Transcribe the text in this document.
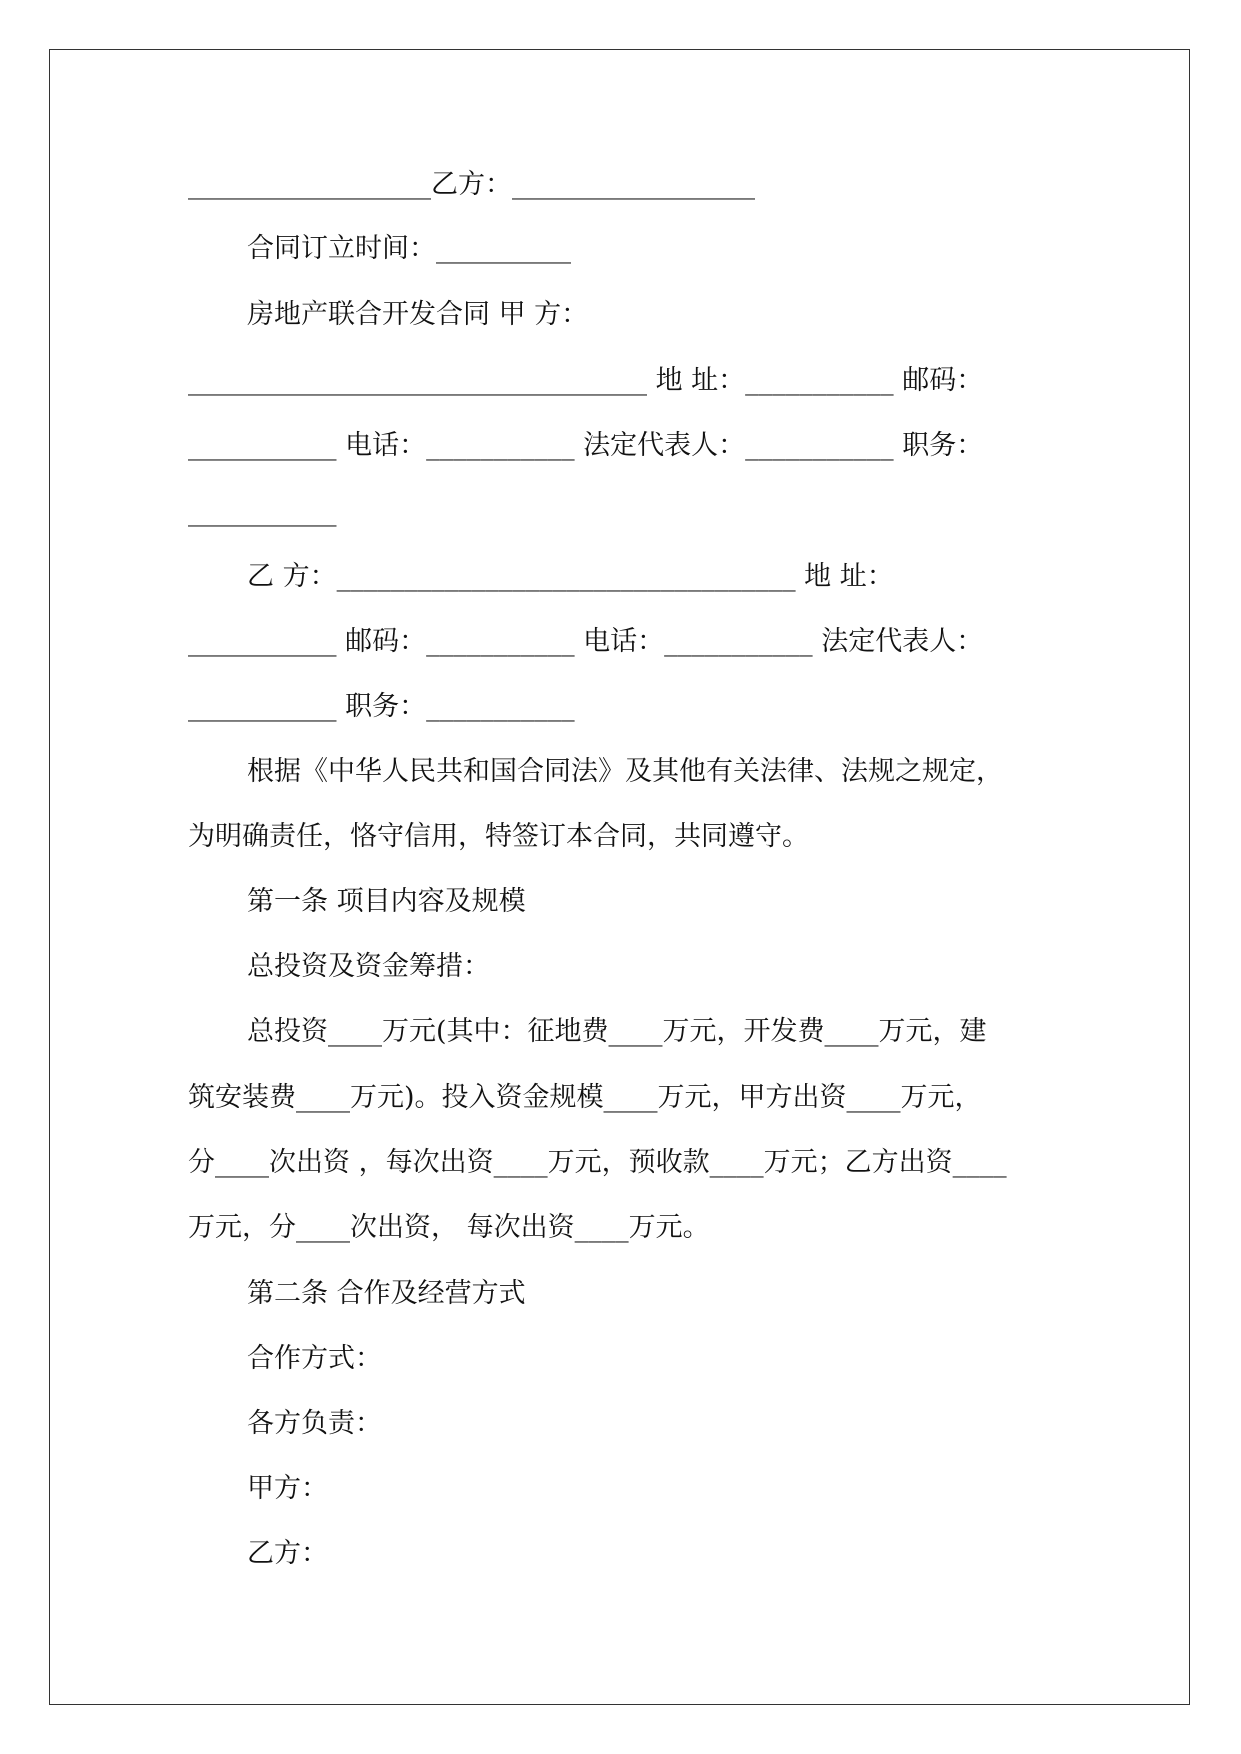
__________________乙方：__________________
合同订立时间：__________
房地产联合开发合同 甲 方：
__________________________________ 地 址：___________ 邮码：
___________ 电话：___________ 法定代表人：___________ 职务：
___________
乙 方：__________________________________ 地 址：
___________ 邮码：___________ 电话：___________ 法定代表人：
___________ 职务：___________
根据《中华人民共和国合同法》及其他有关法律、法规之规定，
为明确责任，恪守信用，特签订本合同，共同遵守。
第一条 项目内容及规模
总投资及资金筹措：
总投资____万元(其中：征地费____万元，开发费____万元，建
筑安装费____万元)。投入资金规模____万元，甲方出资____万元，
分____次出资 ，每次出资____万元，预收款____万元；乙方出资____
万元，分____次出资， 每次出资____万元。
第二条 合作及经营方式
合作方式：
各方负责：
甲方：
乙方：
